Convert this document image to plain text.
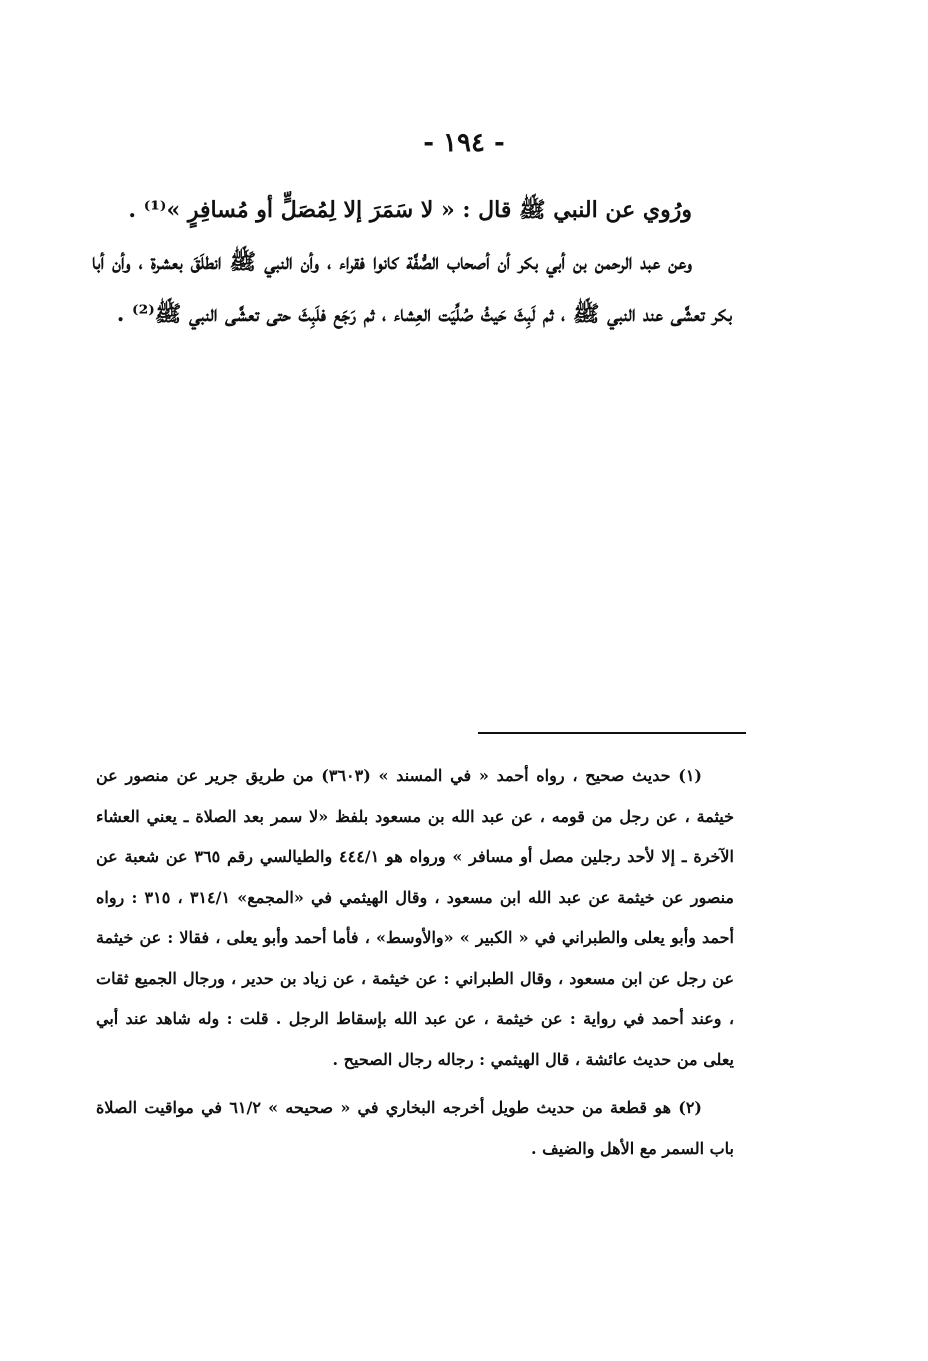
- ١٩٤ -

ورُوي عن النبي ﷺ قال : « لا سَمَرَ إلا لِمُصَلٍّ أو مُسافِرٍ »⁽¹⁾ .

وعن عبد الرحمن بن أبي بكر أن أصحاب الصُّفَّة كانوا فقراء ، وأن النبي ﷺ انطلَقَ بعشرة ، وأن أبا بكر تعشَّى عند النبي ﷺ ، ثم لَبِثَ حَيثُ صُلِّيَت العِشاء ، ثم رَجَع فلَبِثَ حتى تعشَّى النبي ﷺ⁽²⁾ .

(١) حديث صحيح ، رواه أحمد « في المسند » (٣٦٠٣) من طريق جرير عن منصور عن خيثمة ، عن رجل من قومه ، عن عبد الله بن مسعود بلفظ «لا سمر بعد الصلاة ـ يعني العشاء الآخرة ـ إلا لأحد رجلين مصل أو مسافر » ورواه هو ٤٤٤/١ والطيالسي رقم ٣٦٥ عن شعبة عن منصور عن خيثمة عن عبد الله ابن مسعود ، وقال الهيثمي في «المجمع» ٣١٤/١ ، ٣١٥ : رواه أحمد وأبو يعلى والطبراني في « الكبير » «والأوسط» ، فأما أحمد وأبو يعلى ، فقالا : عن خيثمة عن رجل عن ابن مسعود ، وقال الطبراني : عن خيثمة ، عن زياد بن حدير ، ورجال الجميع ثقات ، وعند أحمد في رواية : عن خيثمة ، عن عبد الله بإسقاط الرجل . قلت : وله شاهد عند أبي يعلى من حديث عائشة ، قال الهيثمي : رجاله رجال الصحيح .

(٢) هو قطعة من حديث طويل أخرجه البخاري في « صحيحه » ٦١/٢ في مواقيت الصلاة باب السمر مع الأهل والضيف .
